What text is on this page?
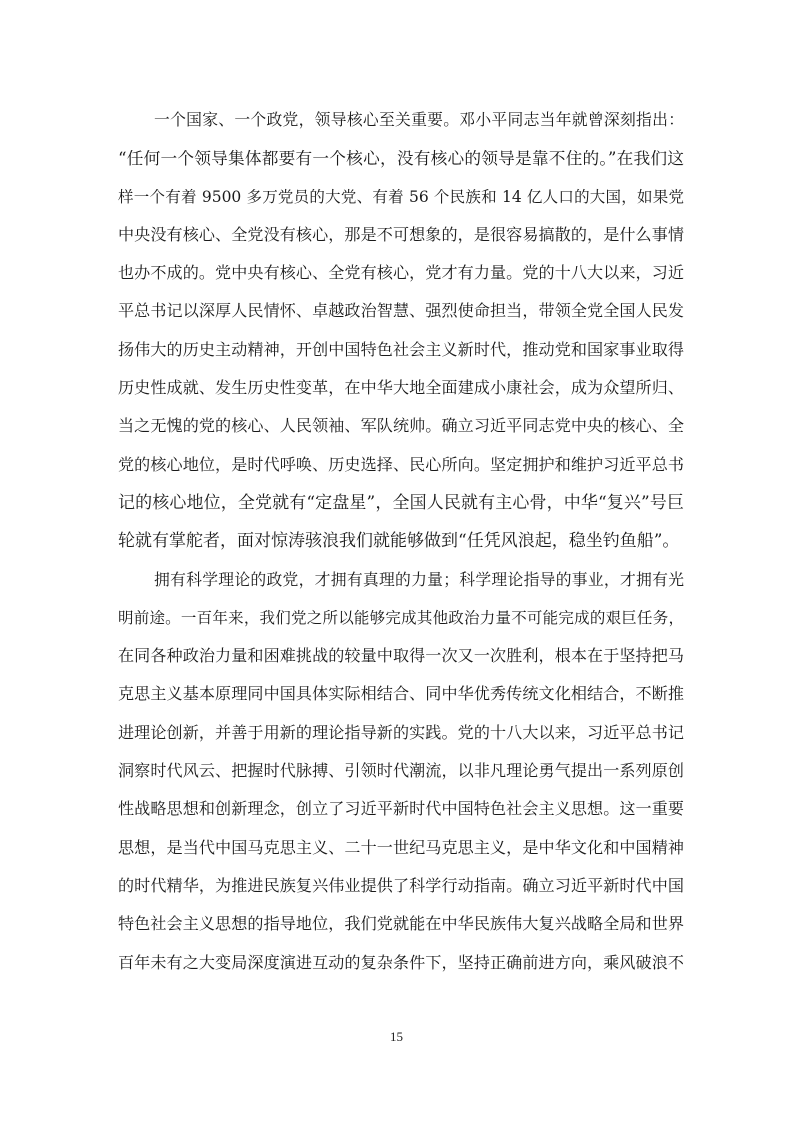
一个国家、一个政党，领导核心至关重要。邓小平同志当年就曾深刻指出：
“任何一个领导集体都要有一个核心，没有核心的领导是靠不住的。”在我们这
样一个有着 9500 多万党员的大党、有着 56 个民族和 14 亿人口的大国，如果党
中央没有核心、全党没有核心，那是不可想象的，是很容易搞散的，是什么事情
也办不成的。党中央有核心、全党有核心，党才有力量。党的十八大以来，习近
平总书记以深厚人民情怀、卓越政治智慧、强烈使命担当，带领全党全国人民发
扬伟大的历史主动精神，开创中国特色社会主义新时代，推动党和国家事业取得
历史性成就、发生历史性变革，在中华大地全面建成小康社会，成为众望所归、
当之无愧的党的核心、人民领袖、军队统帅。确立习近平同志党中央的核心、全
党的核心地位，是时代呼唤、历史选择、民心所向。坚定拥护和维护习近平总书
记的核心地位，全党就有“定盘星”，全国人民就有主心骨，中华“复兴”号巨
轮就有掌舵者，面对惊涛骇浪我们就能够做到“任凭风浪起，稳坐钓鱼船”。
拥有科学理论的政党，才拥有真理的力量；科学理论指导的事业，才拥有光
明前途。一百年来，我们党之所以能够完成其他政治力量不可能完成的艰巨任务，
在同各种政治力量和困难挑战的较量中取得一次又一次胜利，根本在于坚持把马
克思主义基本原理同中国具体实际相结合、同中华优秀传统文化相结合，不断推
进理论创新，并善于用新的理论指导新的实践。党的十八大以来，习近平总书记
洞察时代风云、把握时代脉搏、引领时代潮流，以非凡理论勇气提出一系列原创
性战略思想和创新理念，创立了习近平新时代中国特色社会主义思想。这一重要
思想，是当代中国马克思主义、二十一世纪马克思主义，是中华文化和中国精神
的时代精华，为推进民族复兴伟业提供了科学行动指南。确立习近平新时代中国
特色社会主义思想的指导地位，我们党就能在中华民族伟大复兴战略全局和世界
百年未有之大变局深度演进互动的复杂条件下，坚持正确前进方向，乘风破浪不
15
